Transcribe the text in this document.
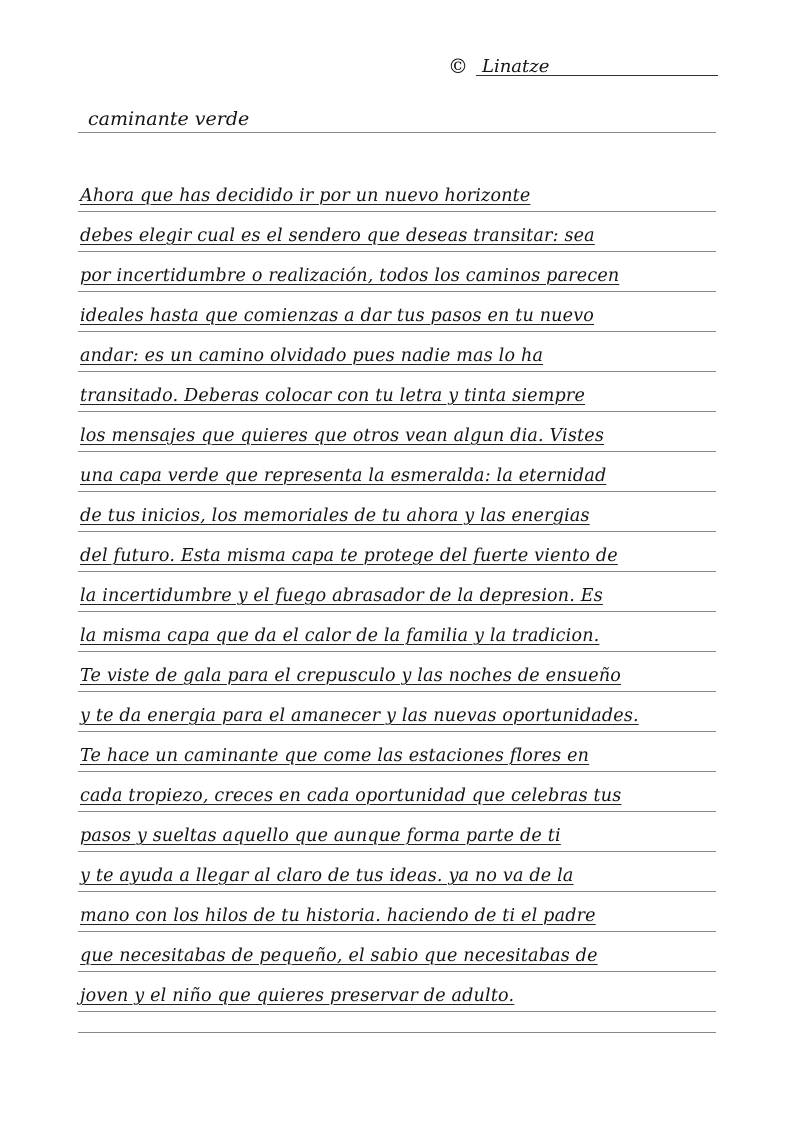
© Linatze
caminante verde
Ahora que has decidido ir por un nuevo horizonte
debes elegir cual es el sendero que deseas transitar: sea
por incertidumbre o realización, todos los caminos parecen
ideales hasta que comienzas a dar tus pasos en tu nuevo
andar: es un camino olvidado pues nadie mas lo ha
transitado. Deberas colocar con tu letra y tinta siempre
los mensajes que quieres que otros vean algun dia. Vistes
una capa verde que representa la esmeralda: la eternidad
de tus inicios, los memoriales de tu ahora y las energias
del futuro. Esta misma capa te protege del fuerte viento de
la incertidumbre y el fuego abrasador de la depresion. Es
la misma capa que da el calor de la familia y la tradicion.
Te viste de gala para el crepusculo y las noches de ensueño
y te da energia para el amanecer y las nuevas oportunidades.
Te hace un caminante que come las estaciones flores en
cada tropiezo, creces en cada oportunidad que celebras tus
pasos y sueltas aquello que aunque forma parte de ti
y te ayuda a llegar al claro de tus ideas. ya no va de la
mano con los hilos de tu historia. haciendo de ti el padre
que necesitabas de pequeño, el sabio que necesitabas de
joven y el niño que quieres preservar de adulto.
